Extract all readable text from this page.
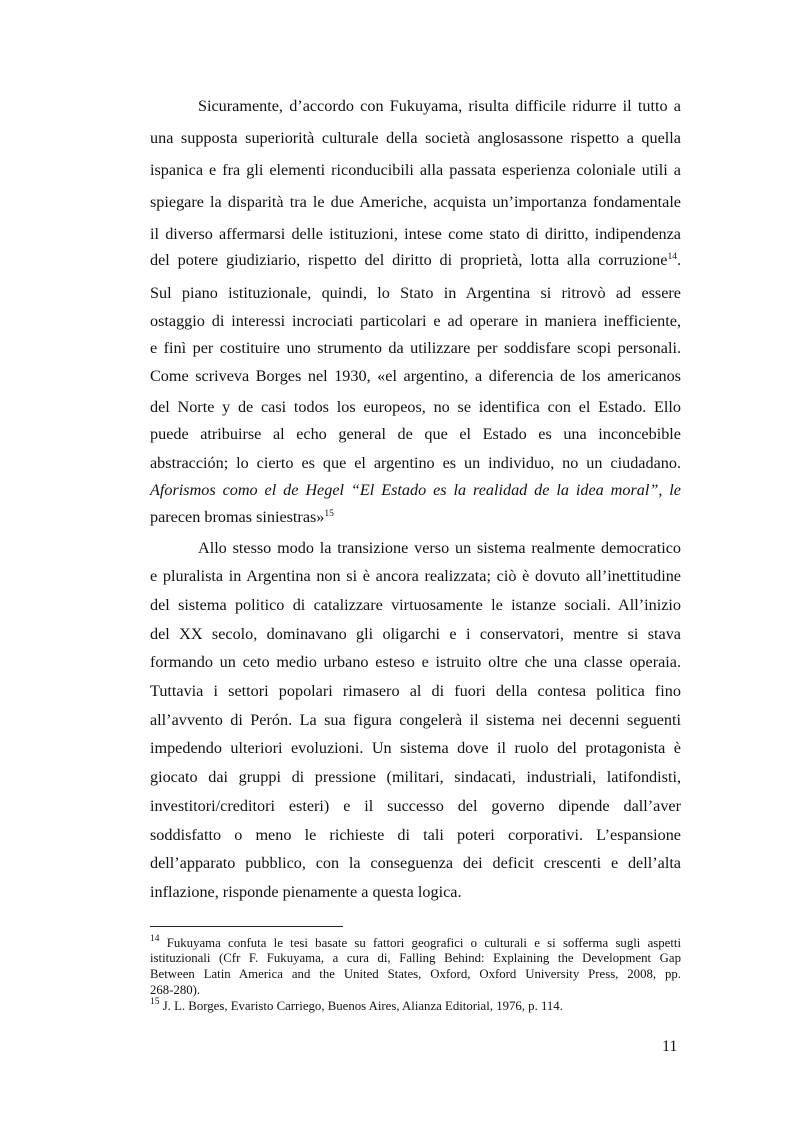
Sicuramente, d’accordo con Fukuyama, risulta difficile ridurre il tutto a
una supposta superiorità culturale della società anglosassone rispetto a quella
ispanica e fra gli elementi riconducibili alla passata esperienza coloniale utili a
spiegare la disparità tra le due Americhe, acquista un’importanza fondamentale
il diverso affermarsi delle istituzioni, intese come stato di diritto, indipendenza
del potere giudiziario, rispetto del diritto di proprietà, lotta alla corruzione$^{14}$.
Sul piano istituzionale, quindi, lo Stato in Argentina si ritrovò ad essere
ostaggio di interessi incrociati particolari e ad operare in maniera inefficiente,
e finì per costituire uno strumento da utilizzare per soddisfare scopi personali.
Come scriveva Borges nel 1930, «el argentino, a diferencia de los americanos
del Norte y de casi todos los europeos, no se identifica con el Estado. Ello
puede atribuirse al echo general de que el Estado es una inconcebible
abstracción; lo cierto es que el argentino es un individuo, no un ciudadano.
Aforismos como el de Hegel “El Estado es la realidad de la idea moral”, le
parecen bromas siniestras»$^{15}$
Allo stesso modo la transizione verso un sistema realmente democratico
e pluralista in Argentina non si è ancora realizzata; ciò è dovuto all’inettitudine
del sistema politico di catalizzare virtuosamente le istanze sociali. All’inizio
del XX secolo, dominavano gli oligarchi e i conservatori, mentre si stava
formando un ceto medio urbano esteso e istruito oltre che una classe operaia.
Tuttavia i settori popolari rimasero al di fuori della contesa politica fino
all’avvento di Perón. La sua figura congelerà il sistema nei decenni seguenti
impedendo ulteriori evoluzioni. Un sistema dove il ruolo del protagonista è
giocato dai gruppi di pressione (militari, sindacati, industriali, latifondisti,
investitori/creditori esteri) e il successo del governo dipende dall’aver
soddisfatto o meno le richieste di tali poteri corporativi. L’espansione
dell’apparato pubblico, con la conseguenza dei deficit crescenti e dell’alta
inflazione, risponde pienamente a questa logica.
$^{14}$ Fukuyama confuta le tesi basate su fattori geografici o culturali e si sofferma sugli aspetti
istituzionali (Cfr F. Fukuyama, a cura di, Falling Behind: Explaining the Development Gap
Between Latin America and the United States, Oxford, Oxford University Press, 2008, pp.
268-280).
$^{15}$ J. L. Borges, Evaristo Carriego, Buenos Aires, Alianza Editorial, 1976, p. 114.
11
